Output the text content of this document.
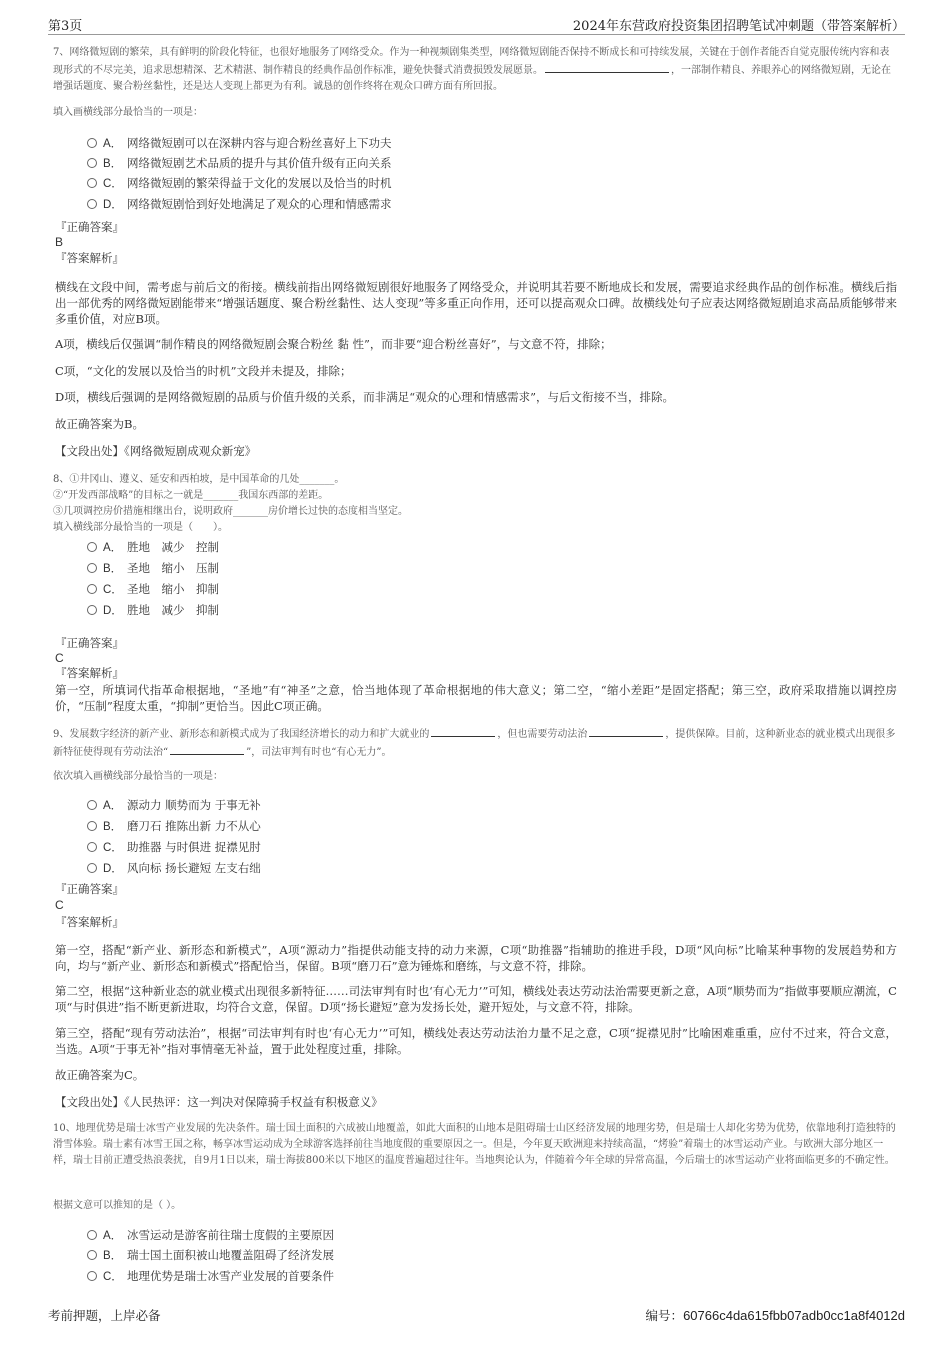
第3页	2024年东营政府投资集团招聘笔试冲刺题（带答案解析）
7、网络微短剧的繁荣，具有鲜明的阶段化特征，也很好地服务了网络受众。作为一种视频剧集类型，网络微短剧能否保持不断成长和可持续发展，关键在于创作者能否自觉克服传统内容和表现形式的不尽完美，追求思想精深、艺术精湛、制作精良的经典作品创作标准，避免快餐式消费损毁发展愿景。	，一部制作精良、养眼养心的网络微短剧，无论在增强话题度、聚合粉丝黏性，还是达人变现上都更为有利。诚恳的创作终将在观众口碑方面有所回报。
填入画横线部分最恰当的一项是：
A． 网络微短剧可以在深耕内容与迎合粉丝喜好上下功夫
B． 网络微短剧艺术品质的提升与其价值升级有正向关系
C． 网络微短剧的繁荣得益于文化的发展以及恰当的时机
D． 网络微短剧恰到好处地满足了观众的心理和情感需求
『正确答案』
B
『答案解析』
横线在文段中间，需考虑与前后文的衔接。横线前指出网络微短剧很好地服务了网络受众，并说明其若要不断地成长和发展，需要追求经典作品的创作标准。横线后指出一部优秀的网络微短剧能带来“增强话题度、聚合粉丝黏性、达人变现”等多重正向作用，还可以提高观众口碑。故横线处句子应表达网络微短剧追求高品质能够带来多重价值，对应B项。
A项，横线后仅强调“制作精良的网络微短剧会聚合粉丝 黏 性”，而非要“迎合粉丝喜好”，与文意不符，排除；
C项，“文化的发展以及恰当的时机”文段并未提及，排除；
D项，横线后强调的是网络微短剧的品质与价值升级的关系，而非满足“观众的心理和情感需求”，与后文衔接不当，排除。
故正确答案为B。
【文段出处】《网络微短剧成观众新宠》
8、①井冈山、遵义、延安和西柏坡，是中国革命的几处_______。
②“开发西部战略”的目标之一就是_______我国东西部的差距。
③几项调控房价措施相继出台，说明政府_______房价增长过快的态度相当坚定。
填入横线部分最恰当的一项是（　　）。
A． 胜地　减少　控制
B． 圣地　缩小　压制
C． 圣地　缩小　抑制
D． 胜地　减少　抑制
『正确答案』
C
『答案解析』
第一空，所填词代指革命根据地，“圣地”有“神圣”之意，恰当地体现了革命根据地的伟大意义；第二空，“缩小差距”是固定搭配；第三空，政府采取措施以调控房价，“压制”程度太重，“抑制”更恰当。因此C项正确。
9、发展数字经济的新产业、新形态和新模式成为了我国经济增长的动力和扩大就业的	，但也需要劳动法治	，提供保障。目前，这种新业态的就业模式出现很多新特征使得现有劳动法治“	”，司法审判有时也“有心无力”。
依次填入画横线部分最恰当的一项是：
A． 源动力 顺势而为 于事无补
B． 磨刀石 推陈出新 力不从心
C． 助推器 与时俱进 捉襟见肘
D． 风向标 扬长避短 左支右绌
『正确答案』
C
『答案解析』
第一空，搭配“新产业、新形态和新模式”，A项“源动力”指提供动能支持的动力来源，C项“助推器”指辅助的推进手段，D项“风向标”比喻某种事物的发展趋势和方向，均与“新产业、新形态和新模式”搭配恰当，保留。B项“磨刀石”意为锤炼和磨练，与文意不符，排除。
第二空，根据“这种新业态的就业模式出现很多新特征……司法审判有时也‘有心无力’”可知，横线处表达劳动法治需要更新之意，A项“顺势而为”指做事要顺应潮流，C项“与时俱进”指不断更新进取，均符合文意，保留。D项“扬长避短”意为发扬长处，避开短处，与文意不符，排除。
第三空，搭配“现有劳动法治”，根据“司法审判有时也‘有心无力’”可知，横线处表达劳动法治力量不足之意，C项“捉襟见肘”比喻困难重重，应付不过来，符合文意，当选。A项“于事无补”指对事情毫无补益，置于此处程度过重，排除。
故正确答案为C。
【文段出处】《人民热评：这一判决对保障骑手权益有积极意义》
10、地理优势是瑞士冰雪产业发展的先决条件。瑞士国土面积的六成被山地覆盖，如此大面积的山地本是阻碍瑞士山区经济发展的地理劣势，但是瑞士人却化劣势为优势，依靠地利打造独特的滑雪体验。瑞士素有冰雪王国之称，畅享冰雪运动成为全球游客选择前往当地度假的重要原因之一。但是，今年夏天欧洲迎来持续高温，“烤验”着瑞士的冰雪运动产业。与欧洲大部分地区一样，瑞士目前正遭受热浪袭扰，自9月1日以来，瑞士海拔800米以下地区的温度普遍超过往年。当地舆论认为，伴随着今年全球的异常高温，今后瑞士的冰雪运动产业将面临更多的不确定性。
根据文意可以推知的是（ ）。
A． 冰雪运动是游客前往瑞士度假的主要原因
B． 瑞士国土面积被山地覆盖阻碍了经济发展
C． 地理优势是瑞士冰雪产业发展的首要条件
考前押题，上岸必备	编号：60766c4da615fbb07adb0cc1a8f4012d
